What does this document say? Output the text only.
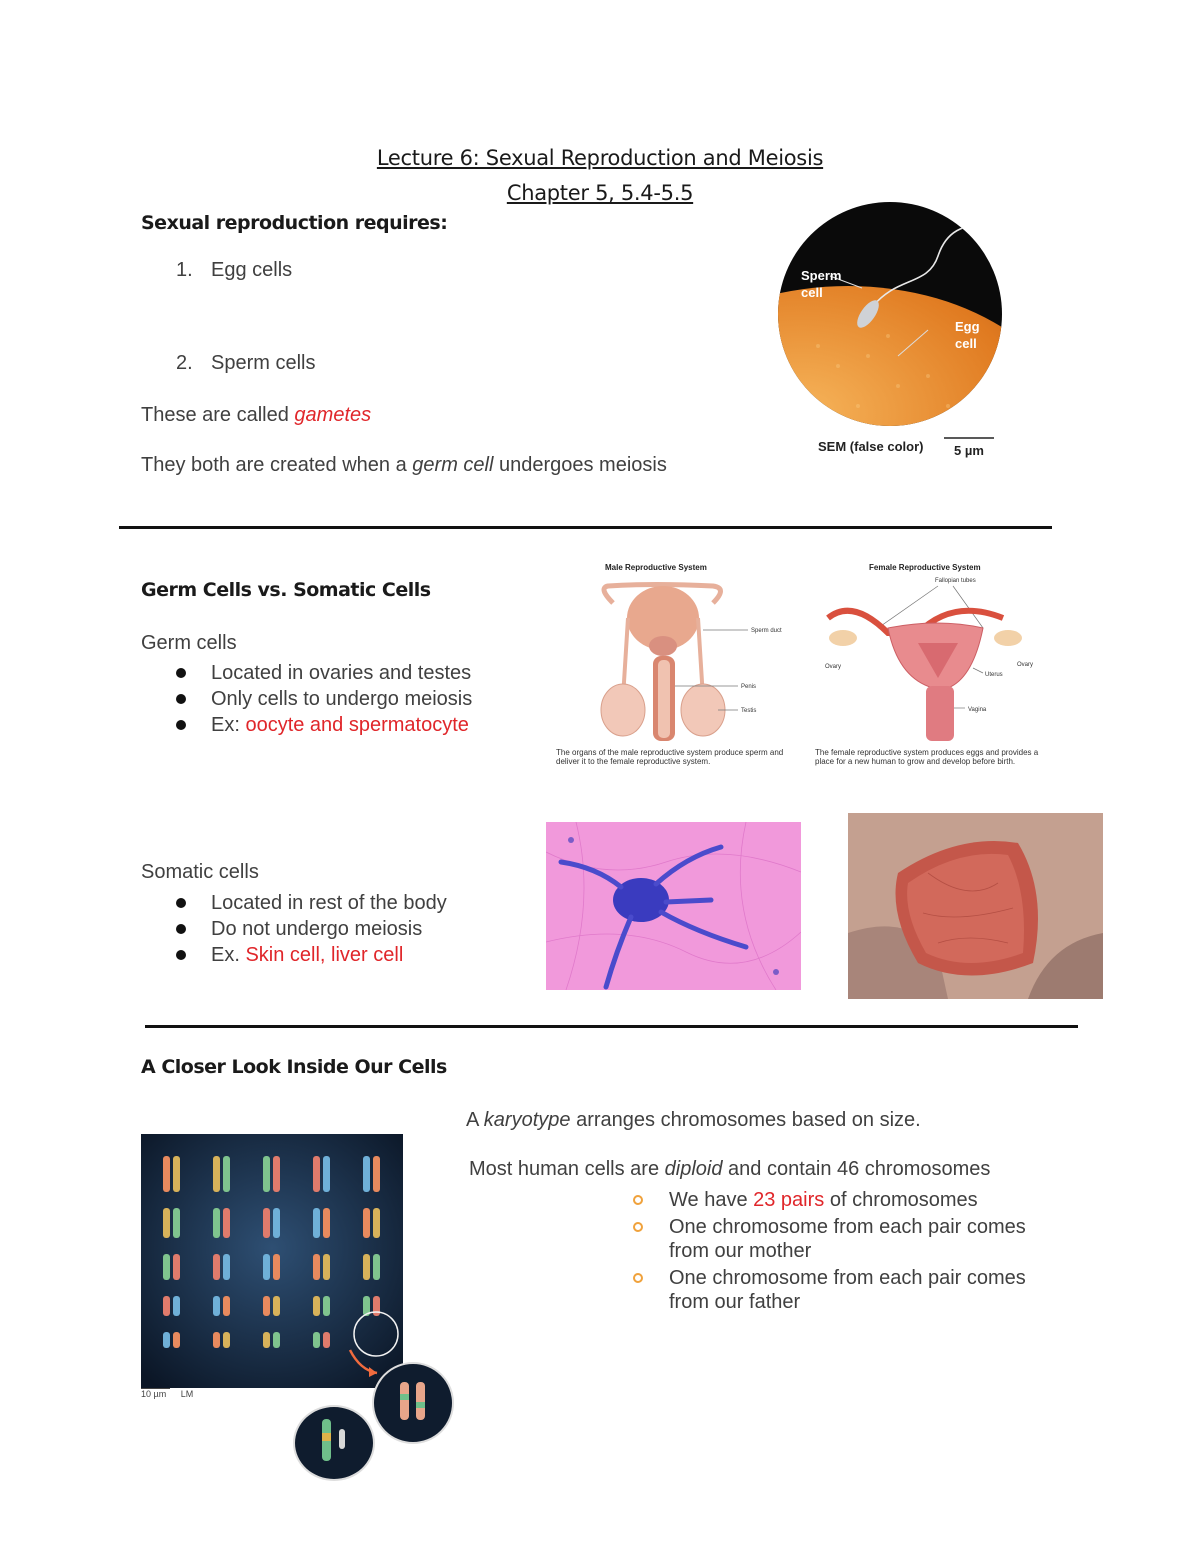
Lecture 6: Sexual Reproduction and Meiosis
Chapter 5, 5.4-5.5
Sexual reproduction requires:
1. Egg cells
2. Sperm cells
These are called gametes
They both are created when a germ cell undergoes meiosis
Sperm
cell
Egg
cell
SEM (false color) 5 µm
Germ Cells vs. Somatic Cells
Germ cells
Located in ovaries and testes
Only cells to undergo meiosis
Ex: oocyte and spermatocyte
Male Reproductive System	Female Reproductive System
Sperm duct
Penis
Testis
Fallopian tubes
Ovary	Ovary
Uterus
Vagina
The organs of the male reproductive system produce sperm and deliver it to the female reproductive system.
The female reproductive system produces eggs and provides a place for a new human to grow and develop before birth.
Somatic cells
Located in rest of the body
Do not undergo meiosis
Ex. Skin cell, liver cell
A Closer Look Inside Our Cells
A karyotype arranges chromosomes based on size.
Most human cells are diploid and contain 46 chromosomes
We have 23 pairs of chromosomes
One chromosome from each pair comes from our mother
One chromosome from each pair comes from our father
10 µm LM
